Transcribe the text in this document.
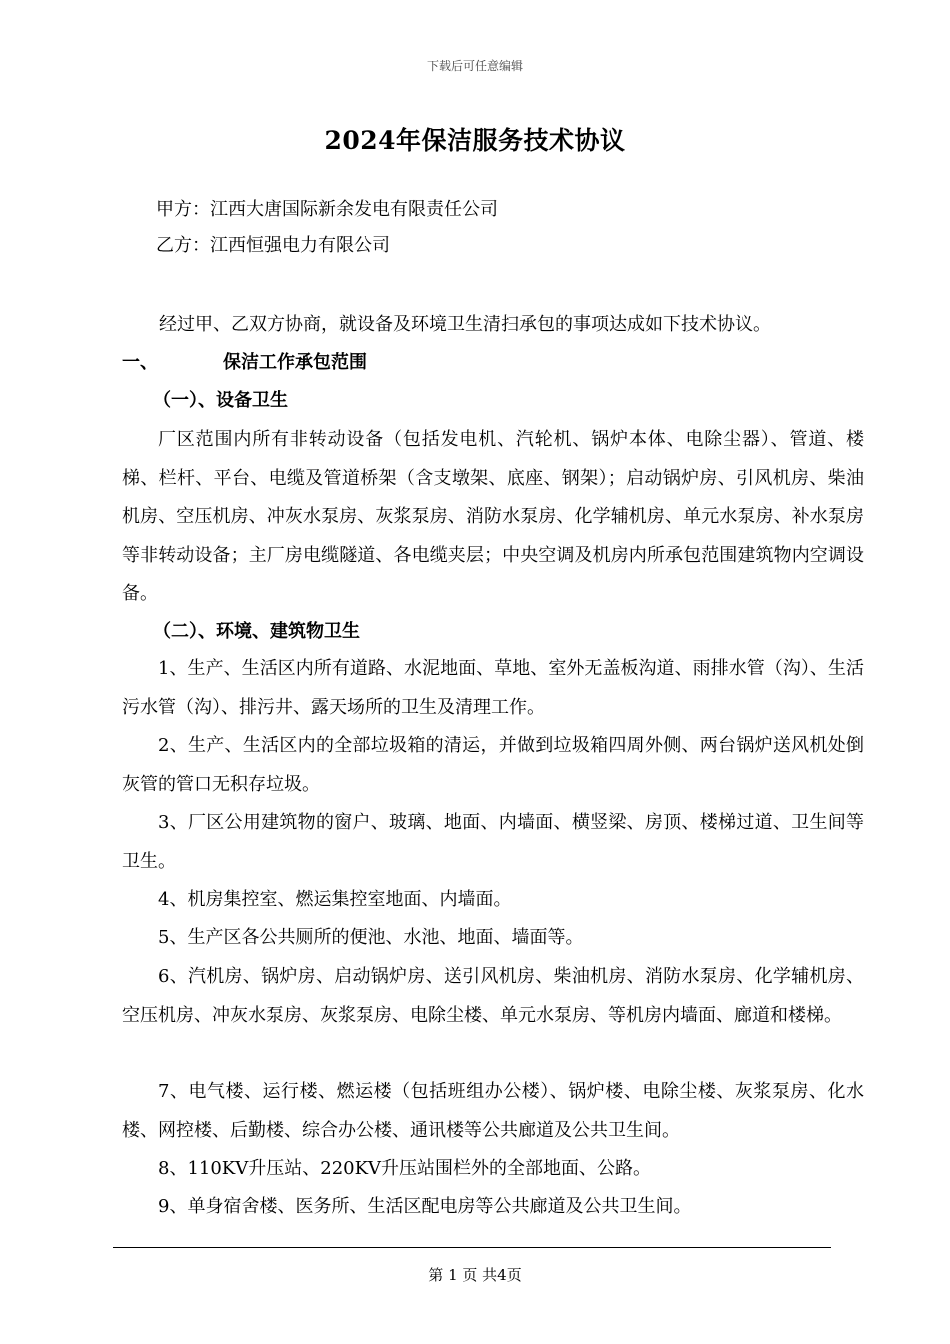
下载后可任意编辑
2024年保洁服务技术协议
甲方：江西大唐国际新余发电有限责任公司
乙方：江西恒强电力有限公司
经过甲、乙双方协商，就设备及环境卫生清扫承包的事项达成如下技术协议。
一、	保洁工作承包范围
（一）、设备卫生

厂区范围内所有非转动设备（包括发电机、汽轮机、锅炉本体、电除尘器）、管道、楼梯、栏杆、平台、电缆及管道桥架（含支墩架、底座、钢架）；启动锅炉房、引风机房、柴油机房、空压机房、冲灰水泵房、灰浆泵房、消防水泵房、化学辅机房、单元水泵房、补水泵房等非转动设备；主厂房电缆隧道、各电缆夹层；中央空调及机房内所承包范围建筑物内空调设备。

（二）、环境、建筑物卫生

1、生产、生活区内所有道路、水泥地面、草地、室外无盖板沟道、雨排水管（沟）、生活污水管（沟）、排污井、露天场所的卫生及清理工作。

2、生产、生活区内的全部垃圾箱的清运，并做到垃圾箱四周外侧、两台锅炉送风机处倒灰管的管口无积存垃圾。

3、厂区公用建筑物的窗户、玻璃、地面、内墙面、横竖梁、房顶、楼梯过道、卫生间等卫生。

4、机房集控室、燃运集控室地面、内墙面。

5、生产区各公共厕所的便池、水池、地面、墙面等。

6、汽机房、锅炉房、启动锅炉房、送引风机房、柴油机房、消防水泵房、化学辅机房、空压机房、冲灰水泵房、灰浆泵房、电除尘楼、单元水泵房、等机房内墙面、廊道和楼梯。

7、电气楼、运行楼、燃运楼（包括班组办公楼）、锅炉楼、电除尘楼、灰浆泵房、化水楼、网控楼、后勤楼、综合办公楼、通讯楼等公共廊道及公共卫生间。

8、110KV升压站、220KV升压站围栏外的全部地面、公路。

9、单身宿舍楼、医务所、生活区配电房等公共廊道及公共卫生间。

第 1 页 共4页
